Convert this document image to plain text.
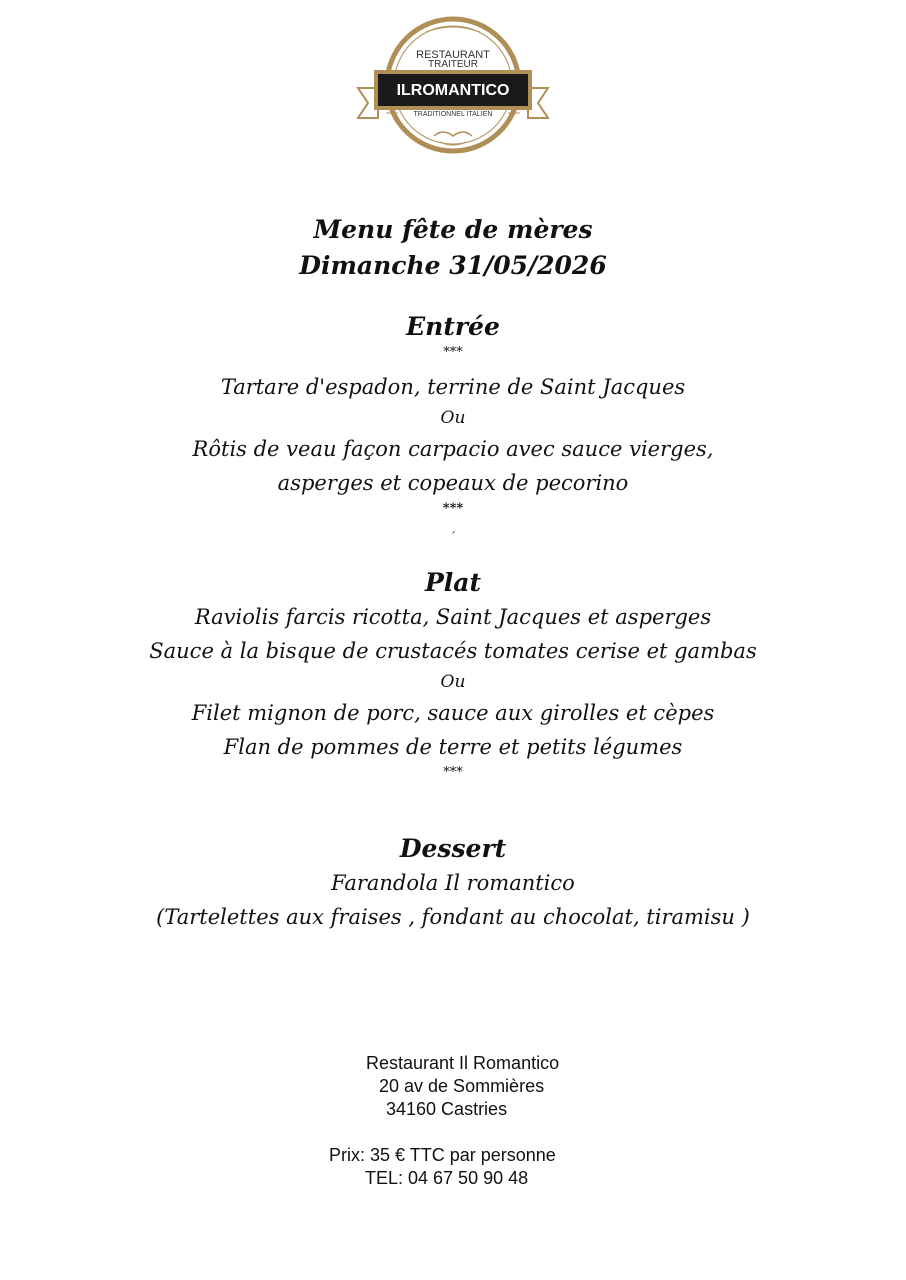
RESTAURANT
TRAITEUR
ILROMANTICO
TRADITIONNEL ITALIEN
Menu fête de mères
Dimanche 31/05/2026
Entrée
***
Tartare d'espadon, terrine de Saint Jacques
Ou
Rôtis de veau façon carpacio avec sauce vierges,
asperges et copeaux de pecorino
***
´
Plat
Raviolis farcis ricotta, Saint Jacques et asperges
Sauce à la bisque de crustacés tomates cerise et gambas
Ou
Filet mignon de porc, sauce aux girolles et cèpes
Flan de pommes de terre et petits légumes
***
Dessert
Farandola Il romantico
(Tartelettes aux fraises , fondant au chocolat, tiramisu )
Restaurant Il Romantico
20 av de Sommières
34160 Castries
Prix: 35 € TTC par personne
TEL: 04 67 50 90 48
